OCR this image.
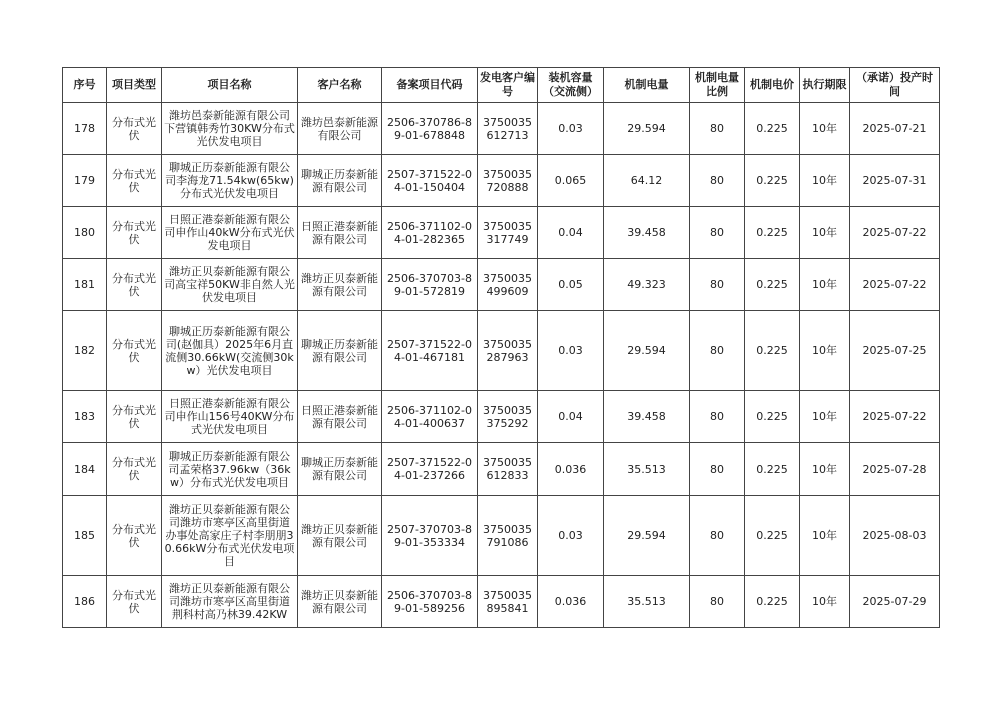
序号	项目类型	项目名称	客户名称	备案项目代码	发电客户编号	装机容量（交流侧）	机制电量	机制电量比例	机制电价	执行期限	（承诺）投产时间
178	分布式光伏	潍坊邑泰新能源有限公司下营镇韩秀竹30KW分布式光伏发电项目	潍坊邑泰新能源有限公司	2506-370786-89-01-678848	3750035612713	0.03	29.594	80	0.225	10年	2025-07-21
179	分布式光伏	聊城正历泰新能源有限公司李海龙71.54kw(65kw)分布式光伏发电项目	聊城正历泰新能源有限公司	2507-371522-04-01-150404	3750035720888	0.065	64.12	80	0.225	10年	2025-07-31
180	分布式光伏	日照正港泰新能源有限公司申作山40kW分布式光伏发电项目	日照正港泰新能源有限公司	2506-371102-04-01-282365	3750035317749	0.04	39.458	80	0.225	10年	2025-07-22
181	分布式光伏	潍坊正贝泰新能源有限公司高宝祥50KW非自然人光伏发电项目	潍坊正贝泰新能源有限公司	2506-370703-89-01-572819	3750035499609	0.05	49.323	80	0.225	10年	2025-07-22
182	分布式光伏	聊城正历泰新能源有限公司(赵伽具）2025年6月直流侧30.66kW(交流侧30kw）光伏发电项目	聊城正历泰新能源有限公司	2507-371522-04-01-467181	3750035287963	0.03	29.594	80	0.225	10年	2025-07-25
183	分布式光伏	日照正港泰新能源有限公司申作山156号40KW分布式光伏发电项目	日照正港泰新能源有限公司	2506-371102-04-01-400637	3750035375292	0.04	39.458	80	0.225	10年	2025-07-22
184	分布式光伏	聊城正历泰新能源有限公司孟荣格37.96kw（36kw）分布式光伏发电项目	聊城正历泰新能源有限公司	2507-371522-04-01-237266	3750035612833	0.036	35.513	80	0.225	10年	2025-07-28
185	分布式光伏	潍坊正贝泰新能源有限公司潍坊市寒亭区高里街道办事处高家庄子村李朋朋30.66kW分布式光伏发电项目	潍坊正贝泰新能源有限公司	2507-370703-89-01-353334	3750035791086	0.03	29.594	80	0.225	10年	2025-08-03
186	分布式光伏	潍坊正贝泰新能源有限公司潍坊市寒亭区高里街道荆科村高乃林39.42KW	潍坊正贝泰新能源有限公司	2506-370703-89-01-589256	3750035895841	0.036	35.513	80	0.225	10年	2025-07-29
